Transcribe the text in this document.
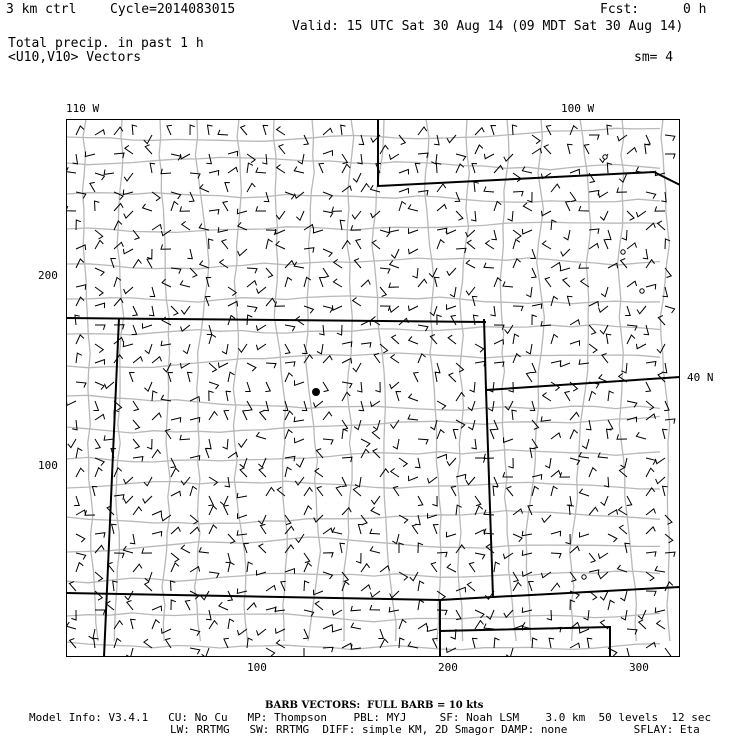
3 km ctrl	Cycle=2014083015	Fcst:	0 h
Valid: 15 UTC Sat 30 Aug 14 (09 MDT Sat 30 Aug 14)
Total precip. in past 1 h
<U10,V10> Vectors	sm= 4
110 W	100 W
40 N
200
100
100	200	300
BARB VECTORS:  FULL BARB = 10 kts
Model Info: V3.4.1   CU: No Cu   MP: Thompson    PBL: MYJ     SF: Noah LSM    3.0 km  50 levels  12 sec
LW: RRTMG   SW: RRTMG  DIFF: simple KM, 2D Smagor DAMP: none          SFLAY: Eta
